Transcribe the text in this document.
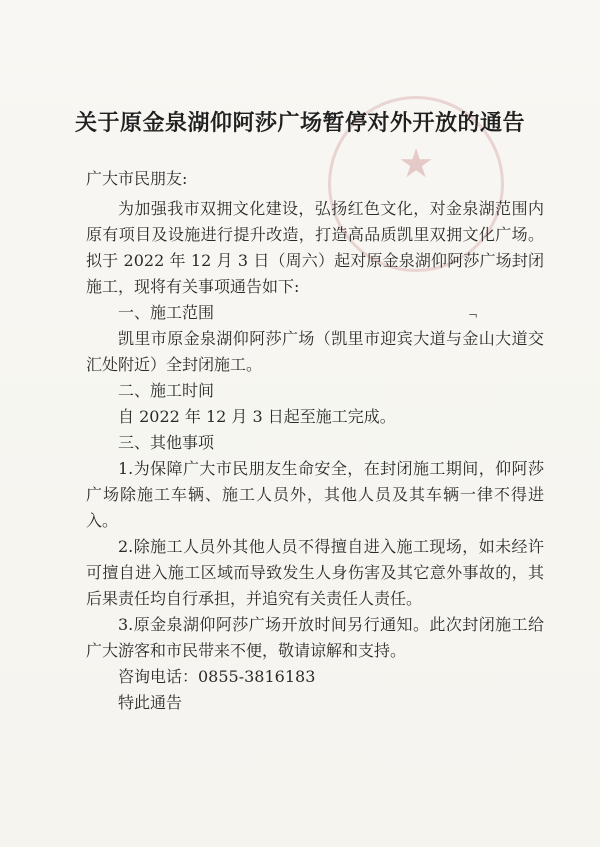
★
关于原金泉湖仰阿莎广场暂停对外开放的通告
广大市民朋友:

为加强我市双拥文化建设，弘扬红色文化，对金泉湖范围内原有项目及设施进行提升改造，打造高品质凯里双拥文化广场。拟于 2022 年 12 月 3 日（周六）起对原金泉湖仰阿莎广场封闭施工，现将有关事项通告如下:

一、施工范围

凯里市原金泉湖仰阿莎广场（凯里市迎宾大道与金山大道交汇处附近）全封闭施工。

二、施工时间

自 2022 年 12 月 3 日起至施工完成。

三、其他事项

1.为保障广大市民朋友生命安全，在封闭施工期间，仰阿莎广场除施工车辆、施工人员外，其他人员及其车辆一律不得进入。

2.除施工人员外其他人员不得擅自进入施工现场，如未经许可擅自进入施工区域而导致发生人身伤害及其它意外事故的，其后果责任均自行承担，并追究有关责任人责任。

3.原金泉湖仰阿莎广场开放时间另行通知。此次封闭施工给广大游客和市民带来不便，敬请谅解和支持。

咨询电话：0855-3816183

特此通告

¬
